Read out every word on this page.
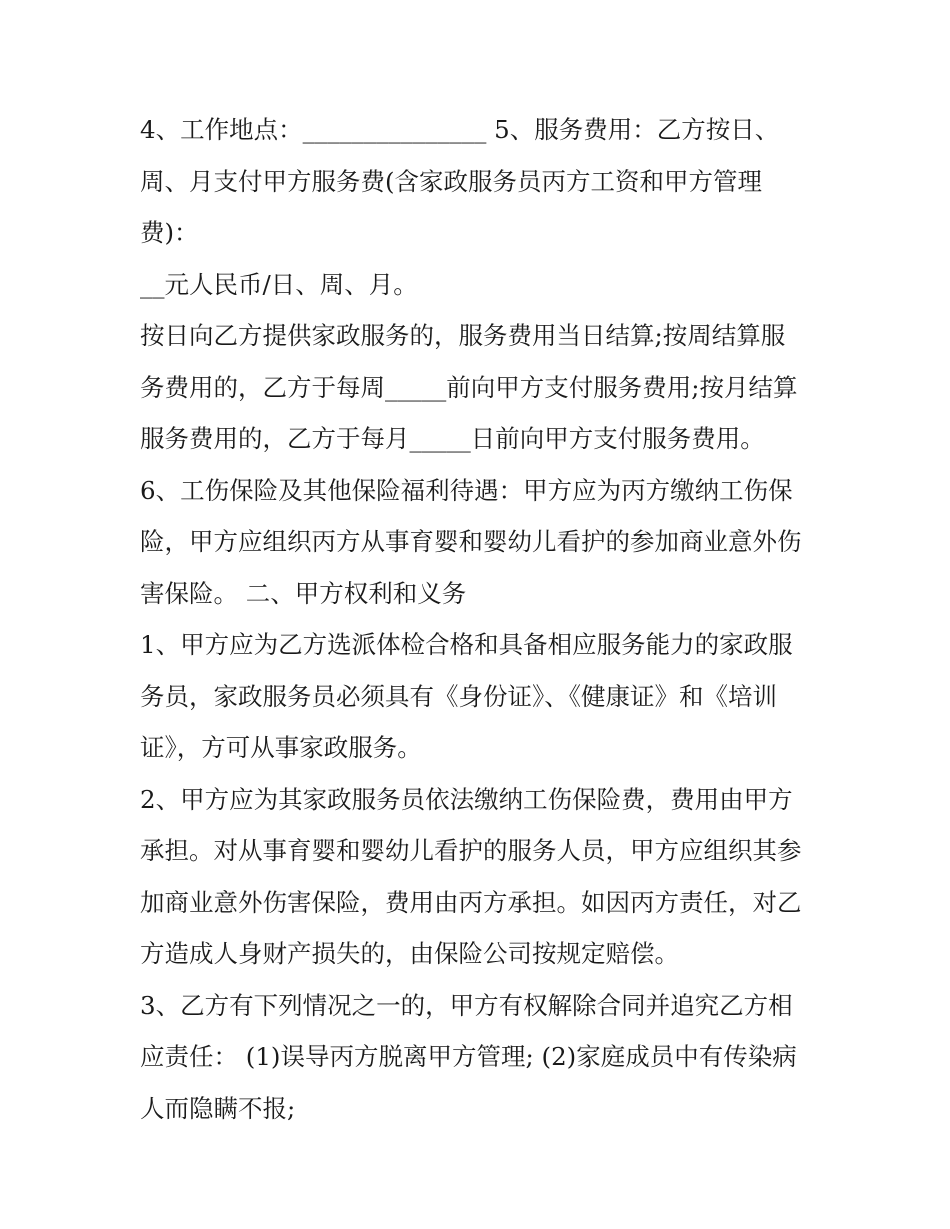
4、工作地点：_______________ 5、服务费用：乙方按日、
周、月支付甲方服务费(含家政服务员丙方工资和甲方管理
费)：
__元人民币/日、周、月。
按日向乙方提供家政服务的，服务费用当日结算;按周结算服
务费用的，乙方于每周_____前向甲方支付服务费用;按月结算
服务费用的，乙方于每月_____日前向甲方支付服务费用。
6、工伤保险及其他保险福利待遇：甲方应为丙方缴纳工伤保
险，甲方应组织丙方从事育婴和婴幼儿看护的参加商业意外伤
害保险。 二、甲方权利和义务
1、甲方应为乙方选派体检合格和具备相应服务能力的家政服
务员，家政服务员必须具有《身份证》、《健康证》和《培训
证》，方可从事家政服务。
2、甲方应为其家政服务员依法缴纳工伤保险费，费用由甲方
承担。对从事育婴和婴幼儿看护的服务人员，甲方应组织其参
加商业意外伤害保险，费用由丙方承担。如因丙方责任，对乙
方造成人身财产损失的，由保险公司按规定赔偿。
3、乙方有下列情况之一的，甲方有权解除合同并追究乙方相
应责任： (1)误导丙方脱离甲方管理; (2)家庭成员中有传染病
人而隐瞒不报;
